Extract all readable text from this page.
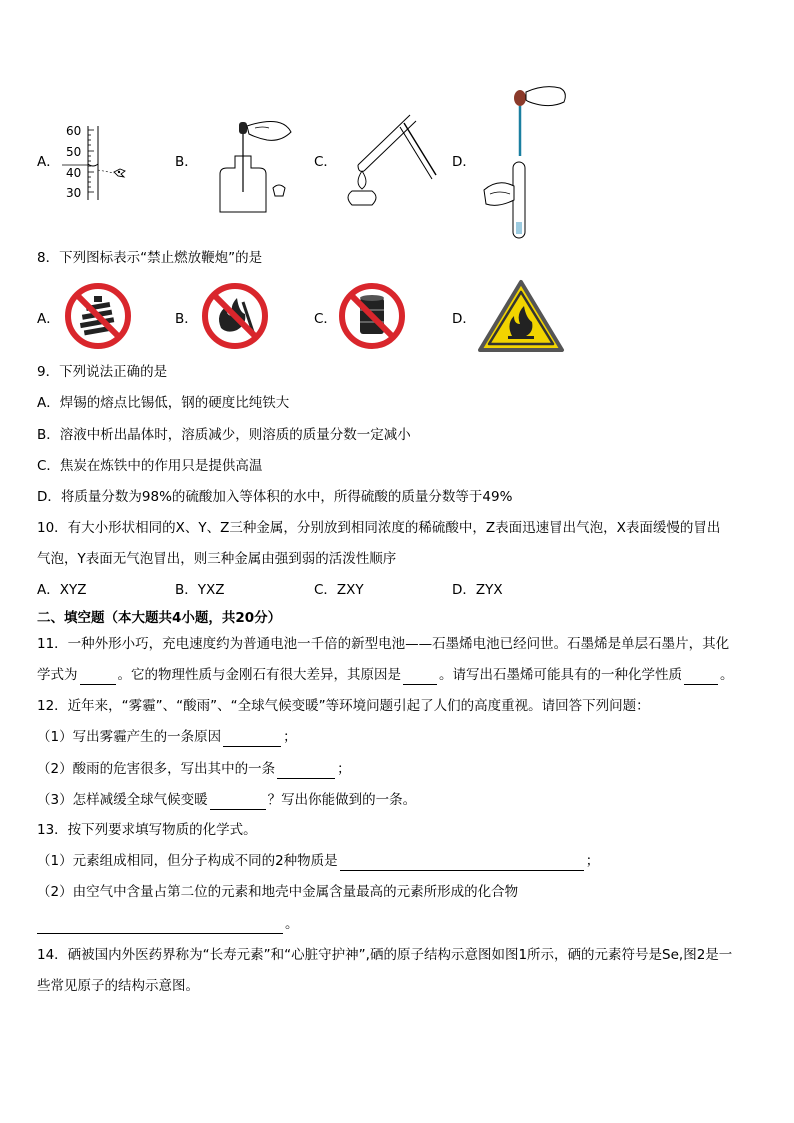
A．
60
50
40
30
B．	C．	D．
8．下列图标表示“禁止燃放鞭炮”的是
A．	B．	C．	D．
9．下列说法正确的是
A．焊锡的熔点比锡低，钢的硬度比纯铁大
B．溶液中析出晶体时，溶质减少，则溶质的质量分数一定减小
C．焦炭在炼铁中的作用只是提供高温
D．将质量分数为98%的硫酸加入等体积的水中，所得硫酸的质量分数等于49%
10．有大小形状相同的X、Y、Z三种金属，分别放到相同浓度的稀硫酸中，Z表面迅速冒出气泡，X表面缓慢的冒出
气泡，Y表面无气泡冒出，则三种金属由强到弱的活泼性顺序
A．XYZ	B．YXZ	C．ZXY	D．ZYX
二、填空题（本大题共4小题，共20分）
11．一种外形小巧，充电速度约为普通电池一千倍的新型电池——石墨烯电池已经问世。石墨烯是单层石墨片，其化
学式为	。它的物理性质与金刚石有很大差异，其原因是	。请写出石墨烯可能具有的一种化学性质	。
12．近年来，“雾霾”、“酸雨”、“全球气候变暖”等环境问题引起了人们的高度重视。请回答下列问题：
（1）写出雾霾产生的一条原因	；
（2）酸雨的危害很多，写出其中的一条	；
（3）怎样减缓全球气候变暖	？写出你能做到的一条。
13．按下列要求填写物质的化学式。
（1）元素组成相同，但分子构成不同的2种物质是	；
（2）由空气中含量占第二位的元素和地壳中金属含量最高的元素所形成的化合物
。
14．硒被国内外医药界称为“长寿元素”和“心脏守护神”,硒的原子结构示意图如图1所示，硒的元素符号是Se,图2是一
些常见原子的结构示意图。
